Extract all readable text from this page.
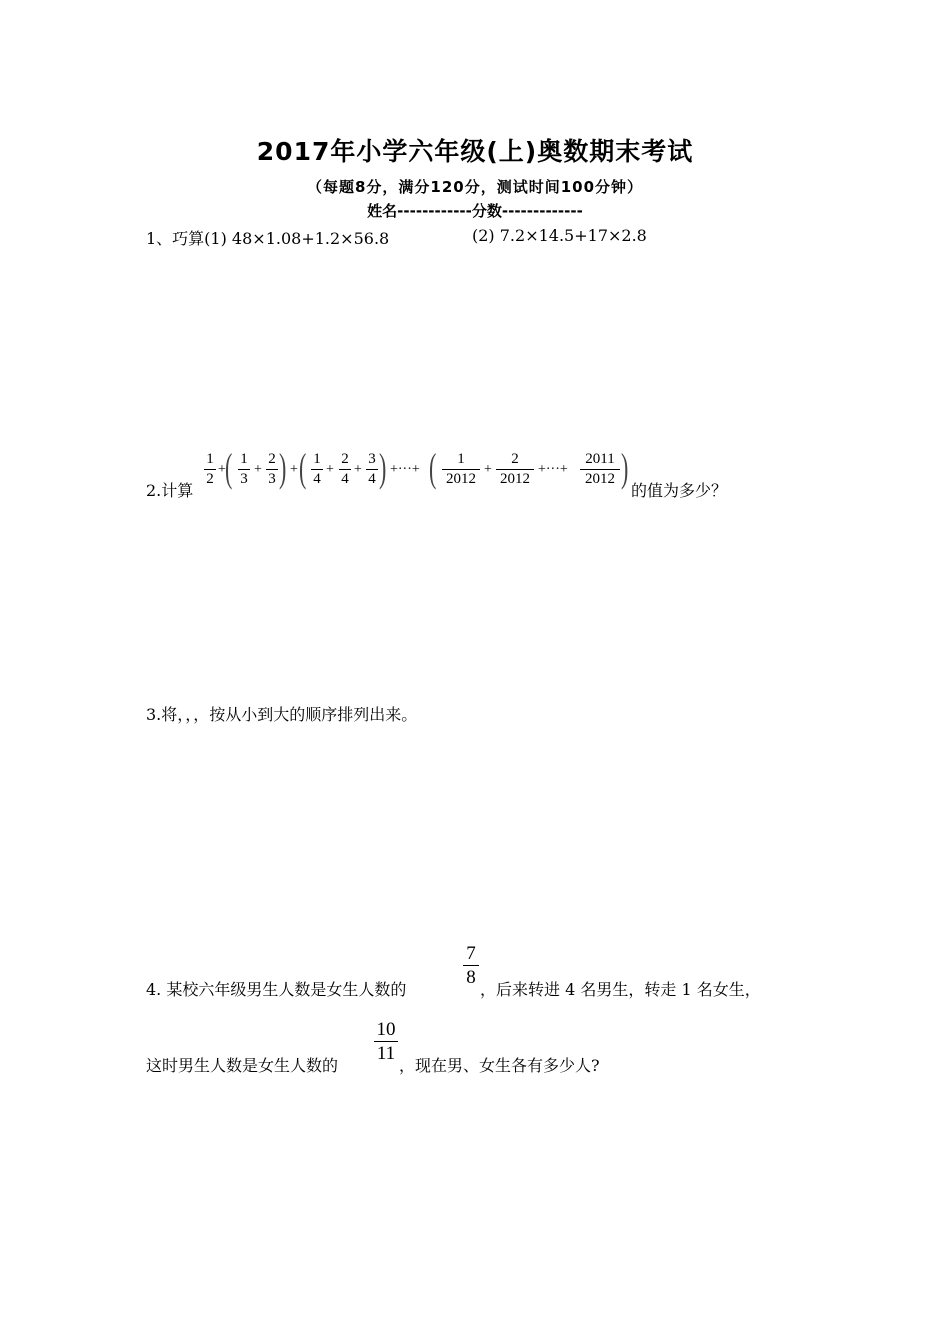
2017年小学六年级(上)奥数期末考试
（每题8分，满分120分，测试时间100分钟）
姓名------------分数-------------
1、巧算(1) 48×1.08+1.2×56.8	(2) 7.2×14.5+17×2.8
2.计算
1
2
+ ( 1
3
+
2
3 ) + ( 1
4
+
2
4
+
3
4 ) +···+ (	1
2012
+
2
2012
+···+
2011
2012 )
的值为多少？
3.将，，，按从小到大的顺序排列出来。
4. 某校六年级男生人数是女生人数的
7
8
，后来转进 4 名男生，转走 1 名女生，
这时男生人数是女生人数的
10
11
，现在男、女生各有多少人?
